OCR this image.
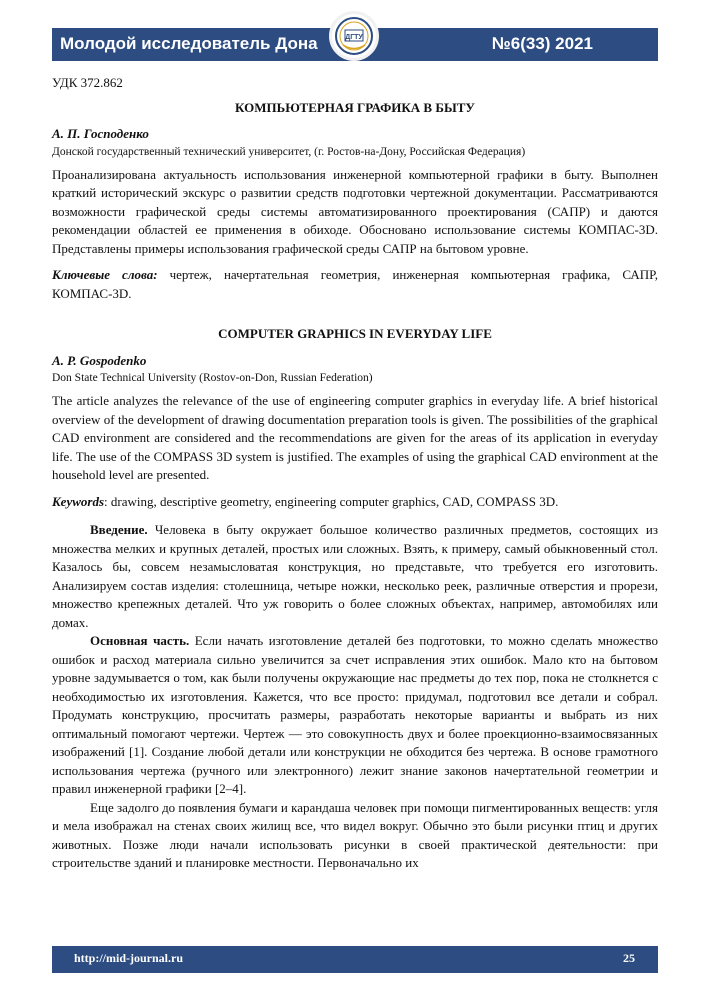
Молодой исследователь Дона	№6(33) 2021
ДГТУ

УДК 372.862

КОМПЬЮТЕРНАЯ ГРАФИКА В БЫТУ

А. П. Господенко

Донской государственный технический университет, (г. Ростов-на-Дону, Российская Федерация)

Проанализирована актуальность использования инженерной компьютерной графики в быту. Выполнен краткий исторический экскурс о развитии средств подготовки чертежной документации. Рассматриваются возможности графической среды системы автоматизированного проектирования (САПР) и даются рекомендации областей ее применения в обиходе. Обосновано использование системы КОМПАС-3D. Представлены примеры использования графической среды САПР на бытовом уровне.

Ключевые слова: чертеж, начертательная геометрия, инженерная компьютерная графика, САПР, КОМПАС-3D.

COMPUTER GRAPHICS IN EVERYDAY LIFE

A. P. Gospodenko

Don State Technical University (Rostov-on-Don, Russian Federation)

The article analyzes the relevance of the use of engineering computer graphics in everyday life. A brief historical overview of the development of drawing documentation preparation tools is given. The possibilities of the graphical CAD environment are considered and the recommendations are given for the areas of its application in everyday life. The use of the COMPASS 3D system is justified. The examples of using the graphical CAD environment at the household level are presented.

Keywords: drawing, descriptive geometry, engineering computer graphics, CAD, COMPASS 3D.

Введение. Человека в быту окружает большое количество различных предметов, состоящих из множества мелких и крупных деталей, простых или сложных. Взять, к примеру, самый обыкновенный стол. Казалось бы, совсем незамысловатая конструкция, но представьте, что требуется его изготовить. Анализируем состав изделия: столешница, четыре ножки, несколько реек, различные отверстия и прорези, множество крепежных деталей. Что уж говорить о более сложных объектах, например, автомобилях или домах.

Основная часть. Если начать изготовление деталей без подготовки, то можно сделать множество ошибок и расход материала сильно увеличится за счет исправления этих ошибок. Мало кто на бытовом уровне задумывается о том, как были получены окружающие нас предметы до тех пор, пока не столкнется с необходимостью их изготовления. Кажется, что все просто: придумал, подготовил все детали и собрал. Продумать конструкцию, просчитать размеры, разработать некоторые варианты и выбрать из них оптимальный помогают чертежи. Чертеж — это совокупность двух и более проекционно-взаимосвязанных изображений [1]. Создание любой детали или конструкции не обходится без чертежа. В основе грамотного использования чертежа (ручного или электронного) лежит знание законов начертательной геометрии и правил инженерной графики [2–4].

Еще задолго до появления бумаги и карандаша человек при помощи пигментированных веществ: угля и мела изображал на стенах своих жилищ все, что видел вокруг. Обычно это были рисунки птиц и других животных. Позже люди начали использовать рисунки в своей практической деятельности: при строительстве зданий и планировке местности. Первоначально их

http://mid-journal.ru	25
